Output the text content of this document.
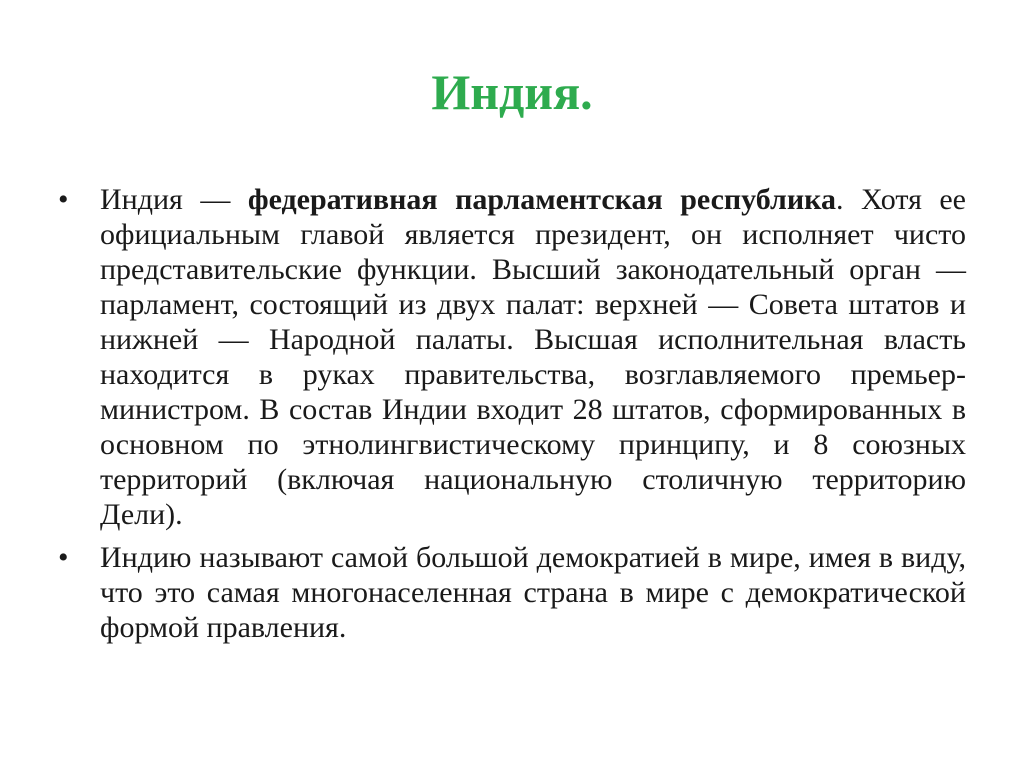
Индия.
•	Индия — федеративная парламентская республика. Хотя ее официальным главой является президент, он исполняет чисто представительские функции. Высший законодательный орган — парламент, состоящий из двух палат: верхней — Совета штатов и нижней — Народной палаты. Высшая исполнительная власть находится в руках правительства, возглавляемого премьер-министром. В состав Индии входит 28 штатов, сформированных в основном по этнолингвистическому принципу, и 8 союзных территорий (включая национальную столичную территорию Дели).
•	Индию называют самой большой демократией в мире, имея в виду, что это самая многонаселенная страна в мире с демократической формой правления.
